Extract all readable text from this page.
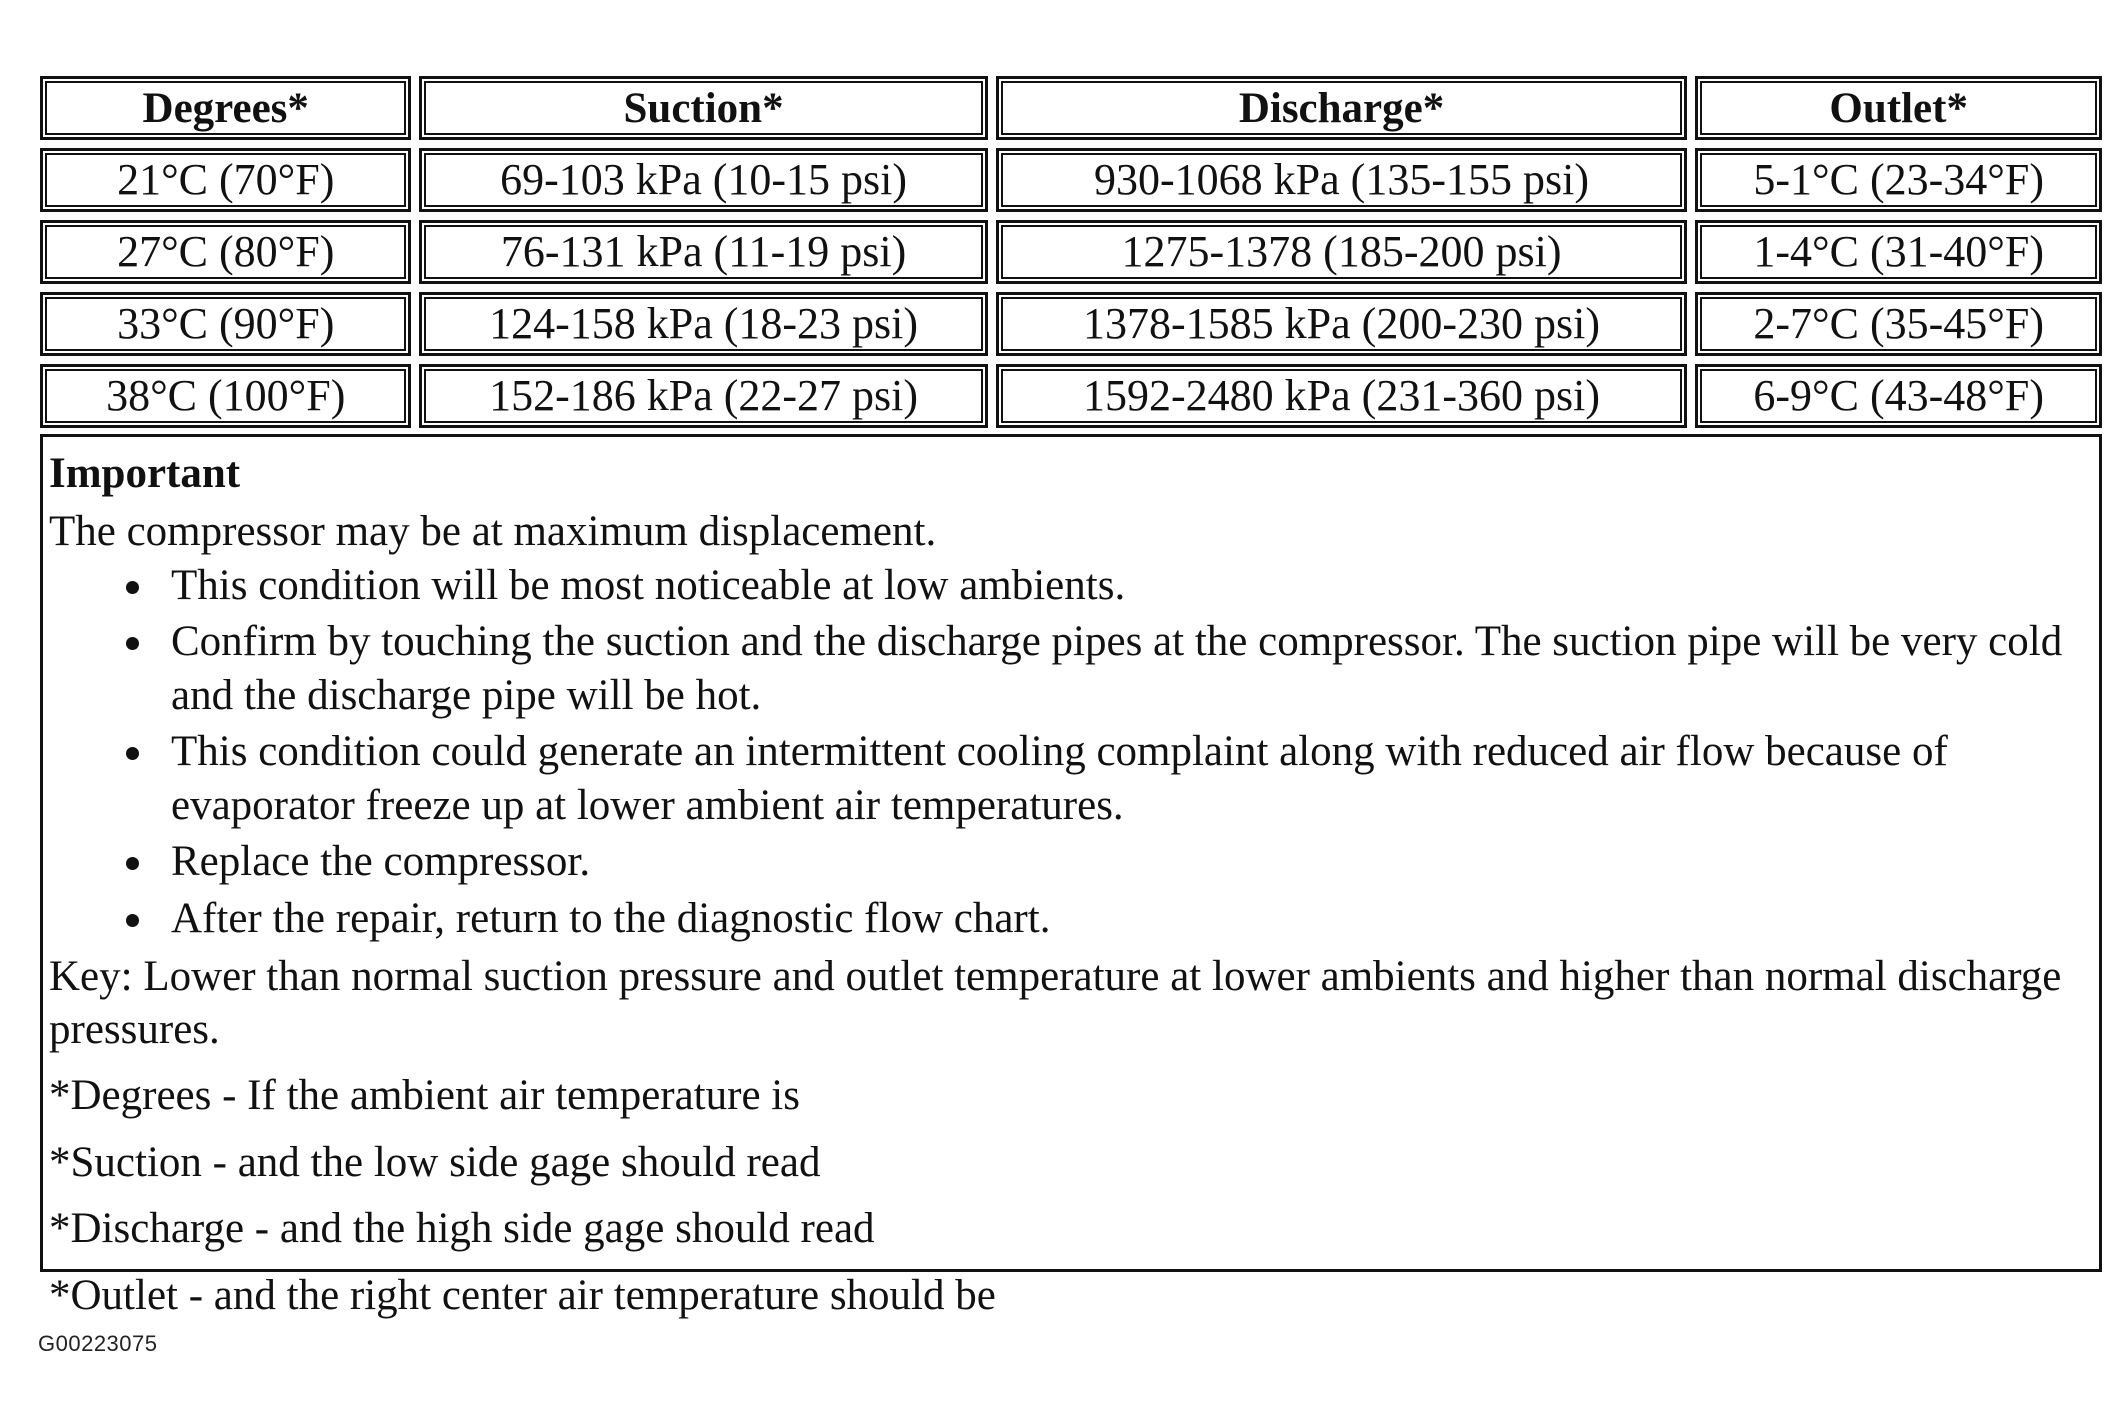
Degrees*	Suction*	Discharge*	Outlet*
21°C (70°F)	69-103 kPa (10-15 psi)	930-1068 kPa (135-155 psi)	5-1°C (23-34°F)
27°C (80°F)	76-131 kPa (11-19 psi)	1275-1378 (185-200 psi)	1-4°C (31-40°F)
33°C (90°F)	124-158 kPa (18-23 psi)	1378-1585 kPa (200-230 psi)	2-7°C (35-45°F)
38°C (100°F)	152-186 kPa (22-27 psi)	1592-2480 kPa (231-360 psi)	6-9°C (43-48°F)
Important
The compressor may be at maximum displacement.
This condition will be most noticeable at low ambients.
Confirm by touching the suction and the discharge pipes at the compressor. The suction pipe will be very cold and the discharge pipe will be hot.
This condition could generate an intermittent cooling complaint along with reduced air flow because of evaporator freeze up at lower ambient air temperatures.
Replace the compressor.
After the repair, return to the diagnostic flow chart.
Key: Lower than normal suction pressure and outlet temperature at lower ambients and higher than normal discharge pressures.
*Degrees - If the ambient air temperature is
*Suction - and the low side gage should read
*Discharge - and the high side gage should read
*Outlet - and the right center air temperature should be
G00223075
